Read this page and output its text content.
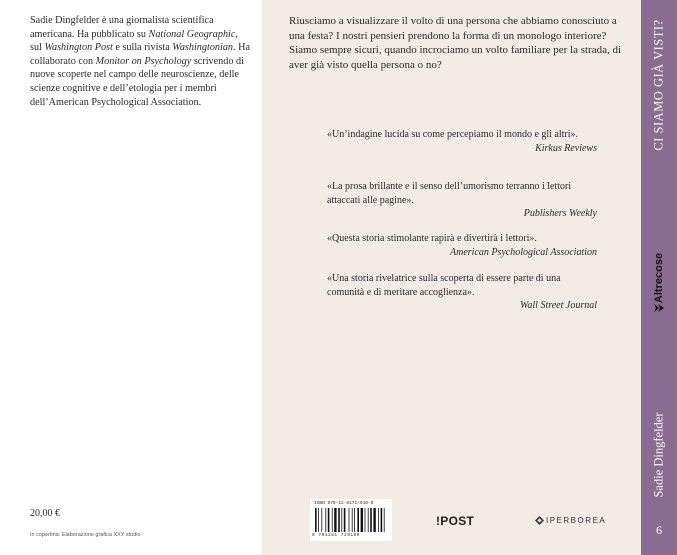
Sadie Dingfelder è una giornalista scientifica americana. Ha pubblicato su National Geographic, sul Washington Post e sulla rivista Washingtonian. Ha collaborato con Monitor on Psychology scrivendo di nuove scoperte nel campo delle neuroscienze, delle scienze cognitive e dell’etologia per i membri dell’American Psychological Association.

20,00 €
In copertina: Elaborazione grafica XXY studio

Riusciamo a visualizzare il volto di una persona che abbiamo conosciuto a una festa? I nostri pensieri prendono la forma di un monologo interiore? Siamo sempre sicuri, quando incrociamo un volto familiare per la strada, di aver già visto quella persona o no?

«Un’indagine lucida su come percepiamo il mondo e gli altri».
Kirkus Reviews
«La prosa brillante e il senso dell’umorismo terranno i lettori attaccati alle pagine».
Publishers Weekly
«Questa storia stimolante rapirà e divertirà i lettori».
American Psychological Association
«Una storia rivelatrice sulla scoperta di essere parte di una comunità e di meritare accoglienza».
Wall Street Journal
ISBN 979-12-8172-910-0
9 791281 729100
!POST	IPERBOREA
CI SIAMO GIÀ VISTI?
Altrecose
Sadie Dingfelder
6
